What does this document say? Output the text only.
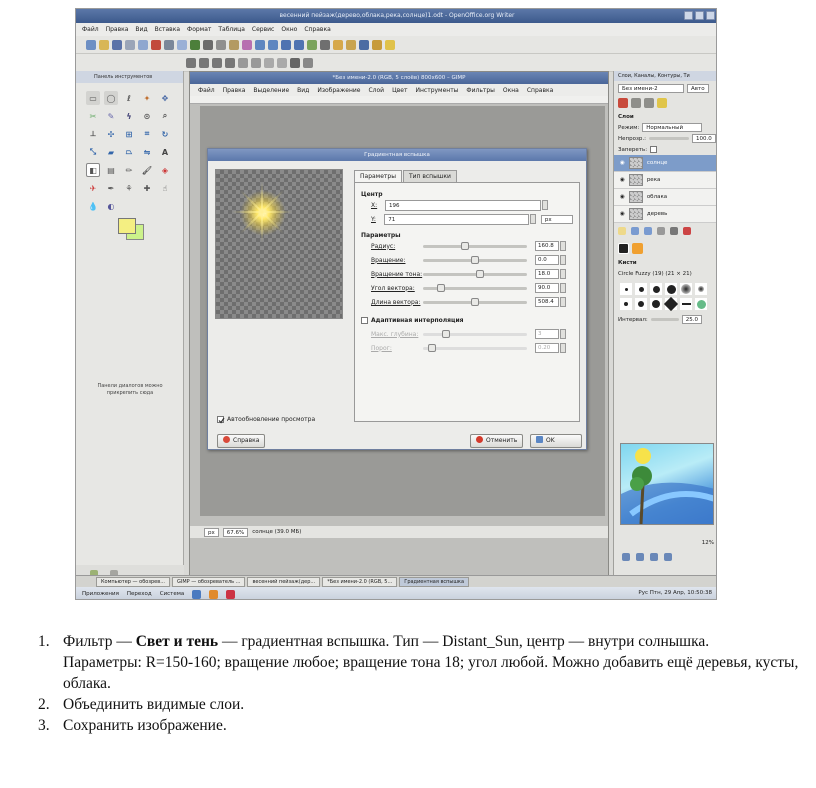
весенний пейзаж(дерево,облака,река,солнце)1.odt - OpenOffice.org Writer
Файл Правка Вид Вставка Формат Таблица Сервис Окно Справка
Панель инструментов
▭	◯	ℓ	✦	✥
✂	✎	ϟ	⊙	⌕
⟂	✣	⊞	⌗	↻
⤡	▰	⏢	⇋	A
◧	▤	✏	🖌	◈
✈	✒	⚘	✚	☝
💧	◐
Панели диалогов можно прикрепить сюда
*Без имени-2.0 (RGB, 5 слоёв) 800x600 – GIMP
Файл Правка Выделение Вид Изображение Слой Цвет Инструменты Фильтры Окна Справка
px	67.6%	солнце (39.0 МБ)
Градиентная вспышка
Параметры	Тип вспышки
Центр
X:	196
Y:	71	px
Параметры
Радиус:	160.8
Вращение:	0.0
Вращение тона:	18.0
Угол вектора:	90.0
Длина вектора:	508.4
Адаптивная интерполяция
Макс. глубина:	3
Порог:	0.20
Автообновление просмотра
Справка	Отменить	OK
Слои, Каналы, Контуры, Ти
Без имени-2	Авто
Слои
Режим:	Нормальный
Непрозр.:	100.0
Запереть:
◉	солнце
◉	река
◉	облака
◉	деревь
Кисти
Circle Fuzzy (19) (21 × 21)
Интервал:	25.0
12%
Компьютер — обозрев...	GIMP — обозреватель ...	весенний пейзаж(дер...	*Без имени-2.0 (RGB, 5...	Градиентная вспышка
Приложения Переход Система	Рус Птн, 29 Апр, 10:50:38
1. Фильтр — Свет и тень — градиентная вспышка. Тип — Distant_Sun, центр — внутри солнышка.
Параметры: R=150-160; вращение любое; вращение тона 18; угол любой. Можно добавить ещё деревья, кусты, облака.
2. Объединить видимые слои.
3. Сохранить изображение.
